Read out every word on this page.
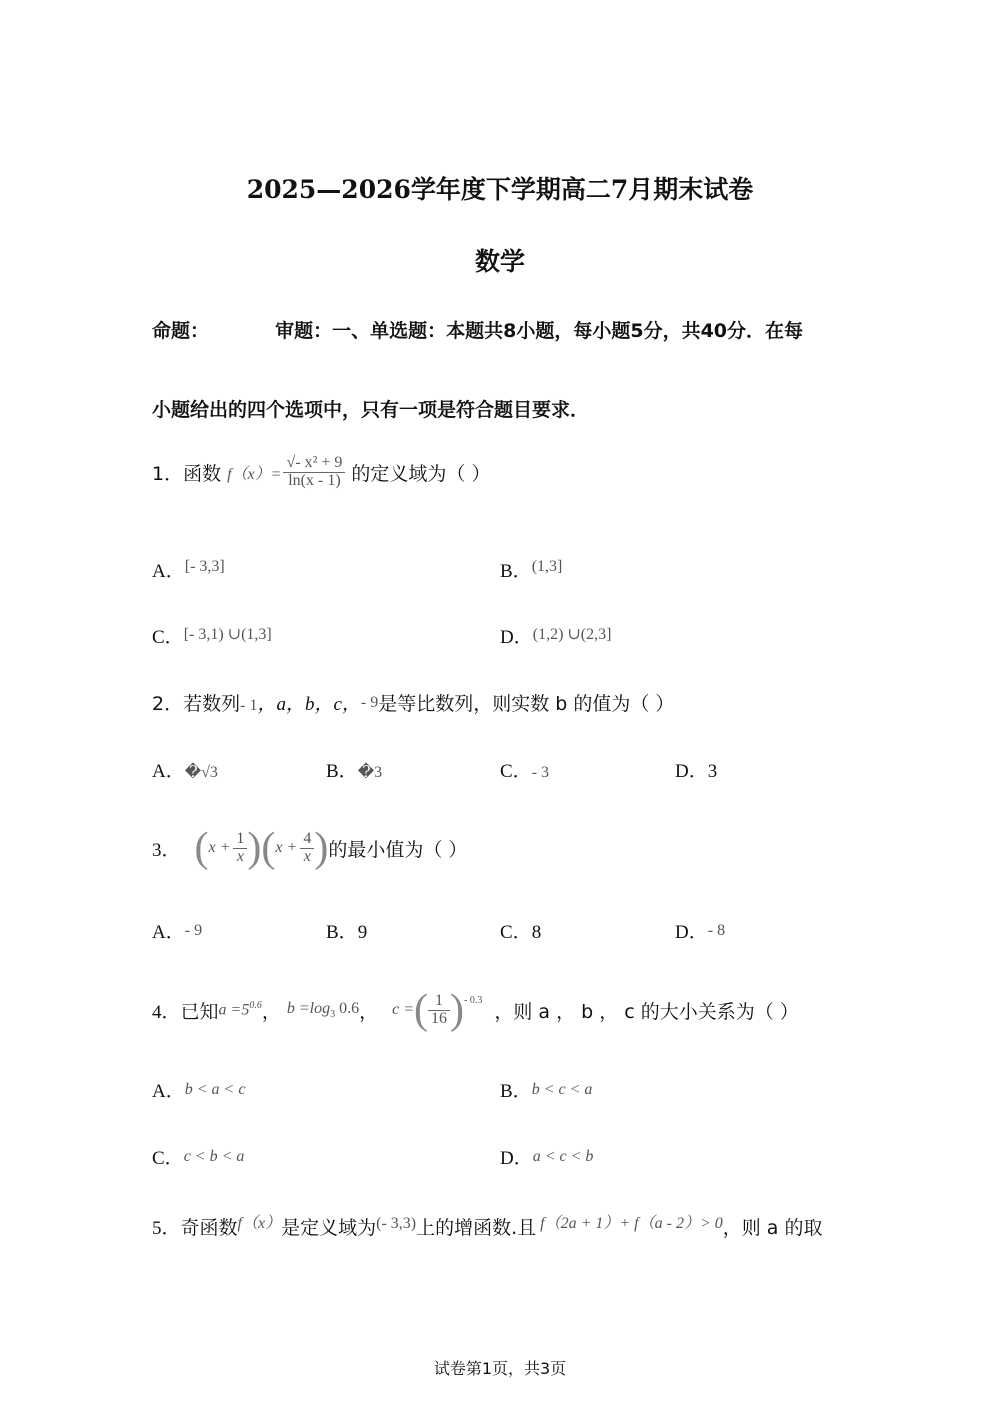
2025—2026学年度下学期高二7月期末试卷
数学
命题：          审题：一、单选题：本题共8小题，每小题5分，共40分．在每
小题给出的四个选项中，只有一项是符合题目要求．
1． 函数 $f(x)= \frac{\text{√- x² + 9}}{\ln(x - 1)}$ 的定义域为（ ）
A．[- 3,3]	B．$^{(1,3]}$
C．[- 3,1) ∪(1,3]	D．$^{(1,2) \cup(2,3]}$
2．若数列- 1，a，b，c，- 9是等比数列，则实数 b 的值为（ ）
A．�√3	B．�3	C．- 3	D．3
3． ( $x + \frac{1}{x}$ ) ( $x + \frac{4}{x}$ ) 的最小值为（ ）
A．- 9	B．9	C．8	D．- 8
4． 已知 $a =5^{0.6}$ ， $b =\log_3$ 0.6 ， c = ( $\frac{1}{16}$ ) - 0.3 ，则 a ， b ， c 的大小关系为（ ）
A．b < a < c	B．b < c < a
C．c < b < a	D．a < c < b
5．奇函数$^{f(x)}$是定义域为$^{(- 3,3)}$上的增函数.且 $^{f(2a + 1)+ f(a - 2)> 0}$，则 a 的取
试卷第1页，共3页
